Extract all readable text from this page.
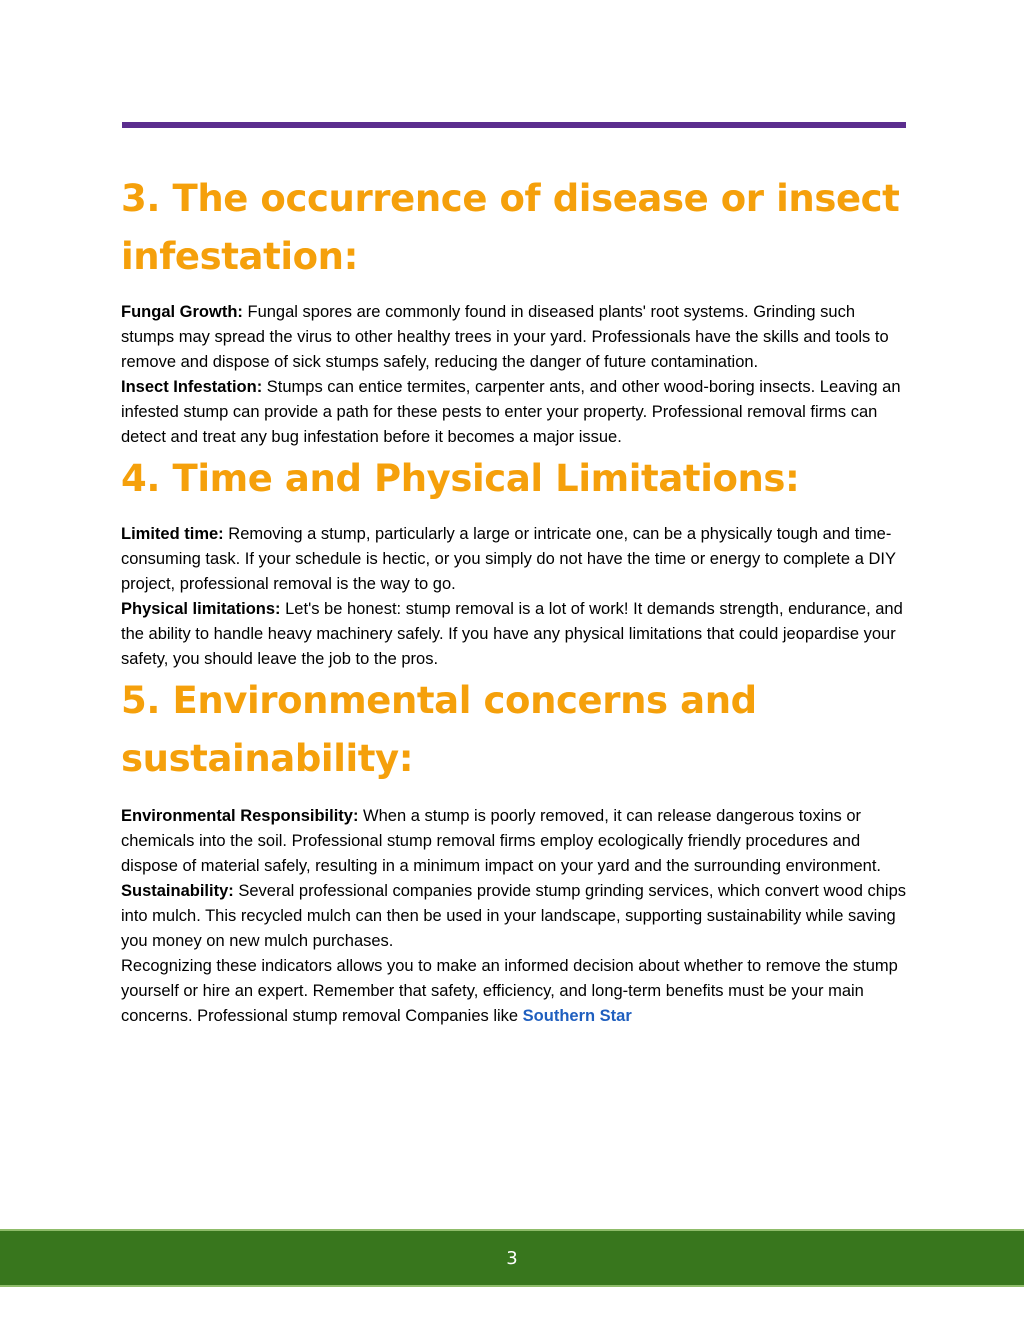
3. The occurrence of disease or insect infestation:

Fungal Growth: Fungal spores are commonly found in diseased plants' root systems. Grinding such stumps may spread the virus to other healthy trees in your yard. Professionals have the skills and tools to remove and dispose of sick stumps safely, reducing the danger of future contamination.

Insect Infestation: Stumps can entice termites, carpenter ants, and other wood-boring insects. Leaving an infested stump can provide a path for these pests to enter your property. Professional removal firms can detect and treat any bug infestation before it becomes a major issue.

4. Time and Physical Limitations:

Limited time: Removing a stump, particularly a large or intricate one, can be a physically tough and time-consuming task. If your schedule is hectic, or you simply do not have the time or energy to complete a DIY project, professional removal is the way to go.

Physical limitations: Let's be honest: stump removal is a lot of work! It demands strength, endurance, and the ability to handle heavy machinery safely. If you have any physical limitations that could jeopardise your safety, you should leave the job to the pros.

5. Environmental concerns and sustainability:

Environmental Responsibility: When a stump is poorly removed, it can release dangerous toxins or chemicals into the soil. Professional stump removal firms employ ecologically friendly procedures and dispose of material safely, resulting in a minimum impact on your yard and the surrounding environment.

Sustainability: Several professional companies provide stump grinding services, which convert wood chips into mulch. This recycled mulch can then be used in your landscape, supporting sustainability while saving you money on new mulch purchases.

Recognizing these indicators allows you to make an informed decision about whether to remove the stump yourself or hire an expert. Remember that safety, efficiency, and long-term benefits must be your main concerns. Professional stump removal Companies like Southern Star

3
